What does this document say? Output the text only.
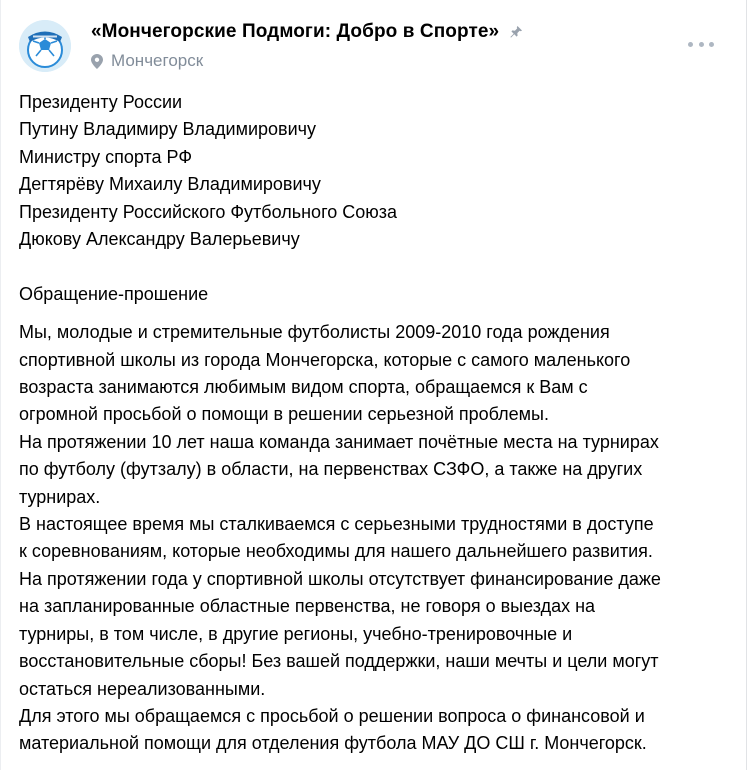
«Мончегорские Подмоги: Добро в Спорте»
Мончегорск
Президенту России
Путину Владимиру Владимировичу
Министру спорта РФ
Дегтярёву Михаилу Владимировичу
Президенту Российского Футбольного Союза
Дюкову Александру Валерьевичу
Обращение-прошение
Мы, молодые и стремительные футболисты 2009-2010 года рождения
спортивной школы из города Мончегорска, которые с самого маленького
возраста занимаются любимым видом спорта, обращаемся к Вам с
огромной просьбой о помощи в решении серьезной проблемы.
На протяжении 10 лет наша команда занимает почётные места на турнирах
по футболу (футзалу) в области, на первенствах СЗФО, а также на других
турнирах.
В настоящее время мы сталкиваемся с серьезными трудностями в доступе
к соревнованиям, которые необходимы для нашего дальнейшего развития.
На протяжении года у спортивной школы отсутствует финансирование даже
на запланированные областные первенства, не говоря о выездах на
турниры, в том числе, в другие регионы, учебно-тренировочные и
восстановительные сборы! Без вашей поддержки, наши мечты и цели могут
остаться нереализованными.
Для этого мы обращаемся с просьбой о решении вопроса о финансовой и
материальной помощи для отделения футбола МАУ ДО СШ г. Мончегорск.
